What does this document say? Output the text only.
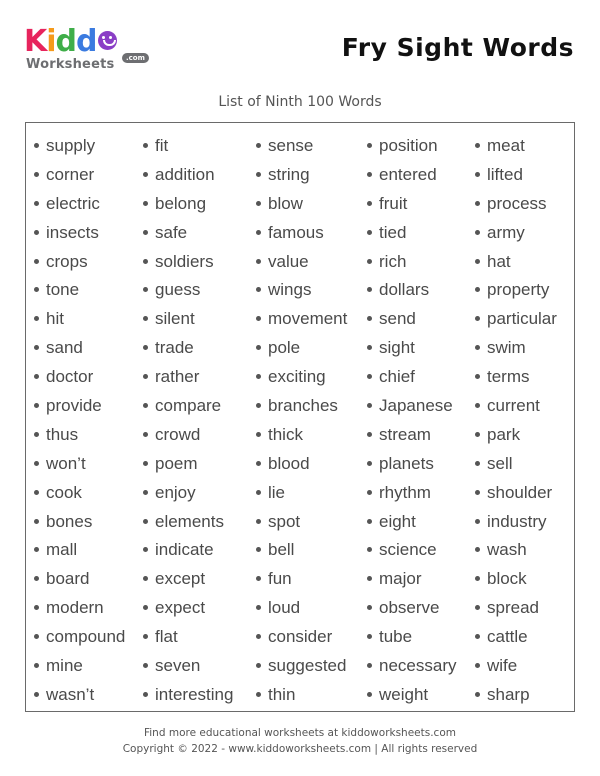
Kidd
Worksheets	.com	Fry Sight Words
List of Ninth 100 Words
supply
corner
electric
insects
crops
tone
hit
sand
doctor
provide
thus
won’t
cook
bones
mall
board
modern
compound
mine
wasn’t
fit
addition
belong
safe
soldiers
guess
silent
trade
rather
compare
crowd
poem
enjoy
elements
indicate
except
expect
flat
seven
interesting
sense
string
blow
famous
value
wings
movement
pole
exciting
branches
thick
blood
lie
spot
bell
fun
loud
consider
suggested
thin
position
entered
fruit
tied
rich
dollars
send
sight
chief
Japanese
stream
planets
rhythm
eight
science
major
observe
tube
necessary
weight
meat
lifted
process
army
hat
property
particular
swim
terms
current
park
sell
shoulder
industry
wash
block
spread
cattle
wife
sharp
Find more educational worksheets at kiddoworksheets.com
Copyright © 2022 - www.kiddoworksheets.com | All rights reserved
